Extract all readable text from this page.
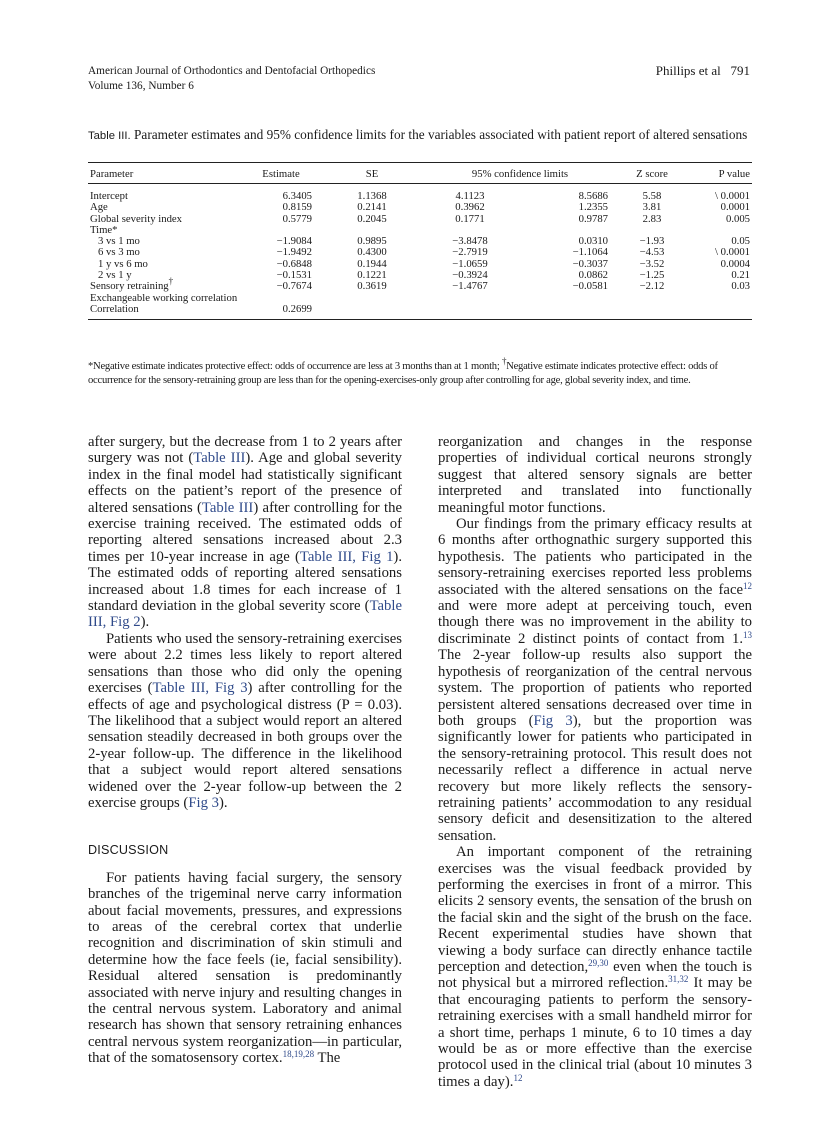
American Journal of Orthodontics and Dentofacial Orthopedics
Volume 136, Number 6
Phillips et al 791
Table III. Parameter estimates and 95% confidence limits for the variables associated with patient report of altered sensations
Parameter	Estimate	SE	95% confidence limits		Z score	P value
Intercept	6.3405	1.1368	4.1123	8.5686	5.58	\ 0.0001
Age	0.8159	0.2141	0.3962	1.2355	3.81	0.0001
Global severity index	0.5779	0.2045	0.1771	0.9787	2.83	0.005
Time*						
3 vs 1 mo	−1.9084	0.9895	−3.8478	0.0310	−1.93	0.05
6 vs 3 mo	−1.9492	0.4300	−2.7919	−1.1064	−4.53	\ 0.0001
1 y vs 6 mo	−0.6848	0.1944	−1.0659	−0.3037	−3.52	0.0004
2 vs 1 y	−0.1531	0.1221	−0.3924	0.0862	−1.25	0.21
Sensory retraining†	−0.7674	0.3619	−1.4767	−0.0581	−2.12	0.03
Exchangeable working correlation						
Correlation	0.2699					
*Negative estimate indicates protective effect: odds of occurrence are less at 3 months than at 1 month; †Negative estimate indicates protective effect: odds of occurrence for the sensory-retraining group are less than for the opening-exercises-only group after controlling for age, global severity index, and time.

after surgery, but the decrease from 1 to 2 years after surgery was not (Table III). Age and global severity index in the final model had statistically significant effects on the patient’s report of the presence of altered sensations (Table III) after controlling for the exercise training received. The estimated odds of reporting altered sensations increased about 2.3 times per 10-year increase in age (Table III, Fig 1). The estimated odds of reporting altered sensations increased about 1.8 times for each increase of 1 standard deviation in the global severity score (Table III, Fig 2).

Patients who used the sensory-retraining exercises were about 2.2 times less likely to report altered sensations than those who did only the opening exercises (Table III, Fig 3) after controlling for the effects of age and psychological distress (P = 0.03). The likelihood that a subject would report an altered sensation steadily decreased in both groups over the 2-year follow-up. The difference in the likelihood that a subject would report altered sensations widened over the 2-year follow-up between the 2 exercise groups (Fig 3).

DISCUSSION

For patients having facial surgery, the sensory branches of the trigeminal nerve carry information about facial movements, pressures, and expressions to areas of the cerebral cortex that underlie recognition and discrimination of skin stimuli and determine how the face feels (ie, facial sensibility). Residual altered sensation is predominantly associated with nerve injury and resulting changes in the central nervous system. Laboratory and animal research has shown that sensory retraining enhances central nervous system reorganization—in particular, that of the somatosensory cortex.$^{18,19,28}$ The

reorganization and changes in the response properties of individual cortical neurons strongly suggest that altered sensory signals are better interpreted and translated into functionally meaningful motor functions.

Our findings from the primary efficacy results at 6 months after orthognathic surgery supported this hypothesis. The patients who participated in the sensory-retraining exercises reported less problems associated with the altered sensations on the face$^{12}$ and were more adept at perceiving touch, even though there was no improvement in the ability to discriminate 2 distinct points of contact from 1.13 The 2-year follow-up results also support the hypothesis of reorganization of the central nervous system. The proportion of patients who reported persistent altered sensations decreased over time in both groups (Fig 3), but the proportion was significantly lower for patients who participated in the sensory-retraining protocol. This result does not necessarily reflect a difference in actual nerve recovery but more likely reflects the sensory-retraining patients’ accommodation to any residual sensory deficit and desensitization to the altered sensation.

An important component of the retraining exercises was the visual feedback provided by performing the exercises in front of a mirror. This elicits 2 sensory events, the sensation of the brush on the facial skin and the sight of the brush on the face. Recent experimental studies have shown that viewing a body surface can directly enhance tactile perception and detection,$^{29,30}$ even when the touch is not physical but a mirrored reflection.$^{31,32}$ It may be that encouraging patients to perform the sensory-retraining exercises with a small handheld mirror for a short time, perhaps 1 minute, 6 to 10 times a day would be as or more effective than the exercise protocol used in the clinical trial (about 10 minutes 3 times a day).$^{12}$
